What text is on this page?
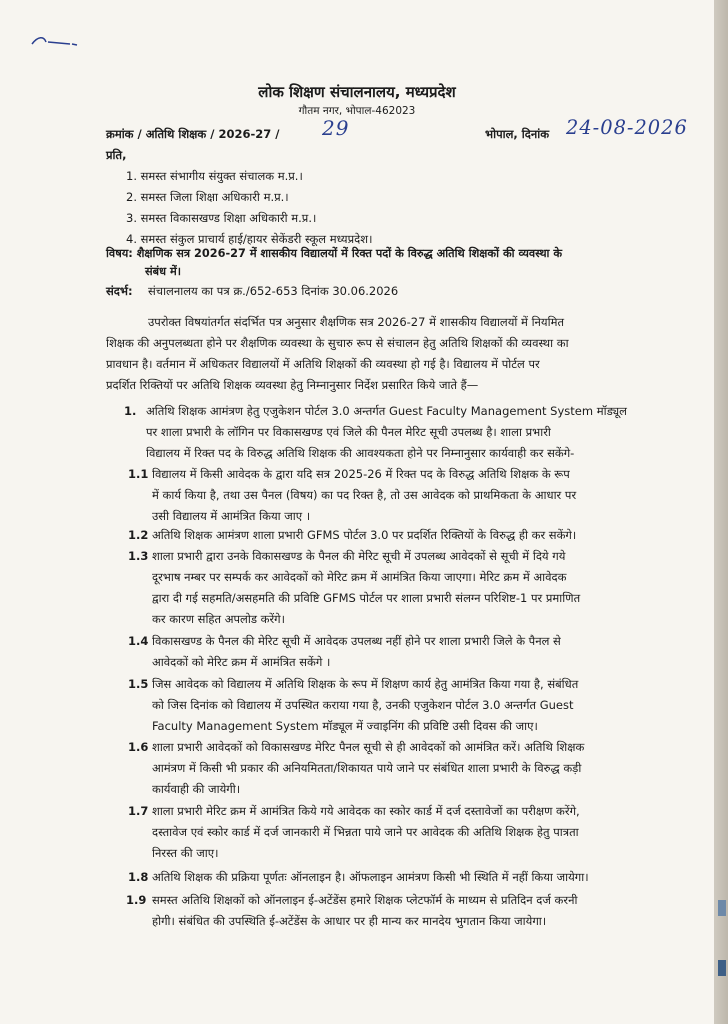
लोक शिक्षण संचालनालय, मध्यप्रदेश
गौतम नगर, भोपाल-462023
क्रमांक / अतिथि शिक्षक / 2026-27 / 29	भोपाल, दिनांक 24-08-2026
प्रति,
1. समस्त संभागीय संयुक्त संचालक म.प्र.।
2. समस्त जिला शिक्षा अधिकारी म.प्र.।
3. समस्त विकासखण्ड शिक्षा अधिकारी म.प्र.।
4. समस्त संकुल प्राचार्य हाई/हायर सेकेंडरी स्कूल मध्यप्रदेश।
विषय: शैक्षणिक सत्र 2026-27 में शासकीय विद्यालयों में रिक्त पदों के विरुद्ध अतिथि शिक्षकों की व्यवस्था के
संबंध में।
संदर्भ: संचालनालय का पत्र क्र./652-653 दिनांक 30.06.2026
उपरोक्त विषयांतर्गत संदर्भित पत्र अनुसार शैक्षणिक सत्र 2026-27 में शासकीय विद्यालयों में नियमित
शिक्षक की अनुपलब्धता होने पर शैक्षणिक व्यवस्था के सुचारु रूप से संचालन हेतु अतिथि शिक्षकों की व्यवस्था का
प्रावधान है। वर्तमान में अधिकतर विद्यालयों में अतिथि शिक्षकों की व्यवस्था हो गई है। विद्यालय में पोर्टल पर
प्रदर्शित रिक्तियों पर अतिथि शिक्षक व्यवस्था हेतु निम्नानुसार निर्देश प्रसारित किये जाते हैं—
1. अतिथि शिक्षक आमंत्रण हेतु एजुकेशन पोर्टल 3.0 अन्तर्गत Guest Faculty Management System मॉड्यूल
पर शाला प्रभारी के लॉगिन पर विकासखण्ड एवं जिले की पैनल मेरिट सूची उपलब्ध है। शाला प्रभारी
विद्यालय में रिक्त पद के विरुद्ध अतिथि शिक्षक की आवश्यकता होने पर निम्नानुसार कार्यवाही कर सकेंगे-
1.1 विद्यालय में किसी आवेदक के द्वारा यदि सत्र 2025-26 में रिक्त पद के विरुद्ध अतिथि शिक्षक के रूप
में कार्य किया है, तथा उस पैनल (विषय) का पद रिक्त है, तो उस आवेदक को प्राथमिकता के आधार पर
उसी विद्यालय में आमंत्रित किया जाए ।
1.2 अतिथि शिक्षक आमंत्रण शाला प्रभारी GFMS पोर्टल 3.0 पर प्रदर्शित रिक्तियों के विरुद्ध ही कर सकेंगे।
1.3 शाला प्रभारी द्वारा उनके विकासखण्ड के पैनल की मेरिट सूची में उपलब्ध आवेदकों से सूची में दिये गये
दूरभाष नम्बर पर सम्पर्क कर आवेदकों को मेरिट क्रम में आमंत्रित किया जाएगा। मेरिट क्रम में आवेदक
द्वारा दी गई सहमति/असहमति की प्रविष्टि GFMS पोर्टल पर शाला प्रभारी संलग्न परिशिष्ट-1 पर प्रमाणित
कर कारण सहित अपलोड करेंगे।
1.4 विकासखण्ड के पैनल की मेरिट सूची में आवेदक उपलब्ध नहीं होने पर शाला प्रभारी जिले के पैनल से
आवेदकों को मेरिट क्रम में आमंत्रित सकेंगे ।
1.5 जिस आवेदक को विद्यालय में अतिथि शिक्षक के रूप में शिक्षण कार्य हेतु आमंत्रित किया गया है, संबंधित
को जिस दिनांक को विद्यालय में उपस्थित कराया गया है, उनकी एजुकेशन पोर्टल 3.0 अन्तर्गत Guest
Faculty Management System मॉड्यूल में ज्वाइनिंग की प्रविष्टि उसी दिवस की जाए।
1.6 शाला प्रभारी आवेदकों को विकासखण्ड मेरिट पैनल सूची से ही आवेदकों को आमंत्रित करें। अतिथि शिक्षक
आमंत्रण में किसी भी प्रकार की अनियमितता/शिकायत पाये जाने पर संबंधित शाला प्रभारी के विरुद्ध कड़ी
कार्यवाही की जायेगी।
1.7 शाला प्रभारी मेरिट क्रम में आमंत्रित किये गये आवेदक का स्कोर कार्ड में दर्ज दस्तावेजों का परीक्षण करेंगे,
दस्तावेज एवं स्कोर कार्ड में दर्ज जानकारी में भिन्नता पाये जाने पर आवेदक की अतिथि शिक्षक हेतु पात्रता
निरस्त की जाए।
1.8 अतिथि शिक्षक की प्रक्रिया पूर्णतः ऑनलाइन है। ऑफलाइन आमंत्रण किसी भी स्थिति में नहीं किया जायेगा।
1.9 समस्त अतिथि शिक्षकों को ऑनलाइन ई-अटेंडेंस हमारे शिक्षक प्लेटफॉर्म के माध्यम से प्रतिदिन दर्ज करनी
होगी। संबंधित की उपस्थिति ई-अटेंडेंस के आधार पर ही मान्य कर मानदेय भुगतान किया जायेगा।
